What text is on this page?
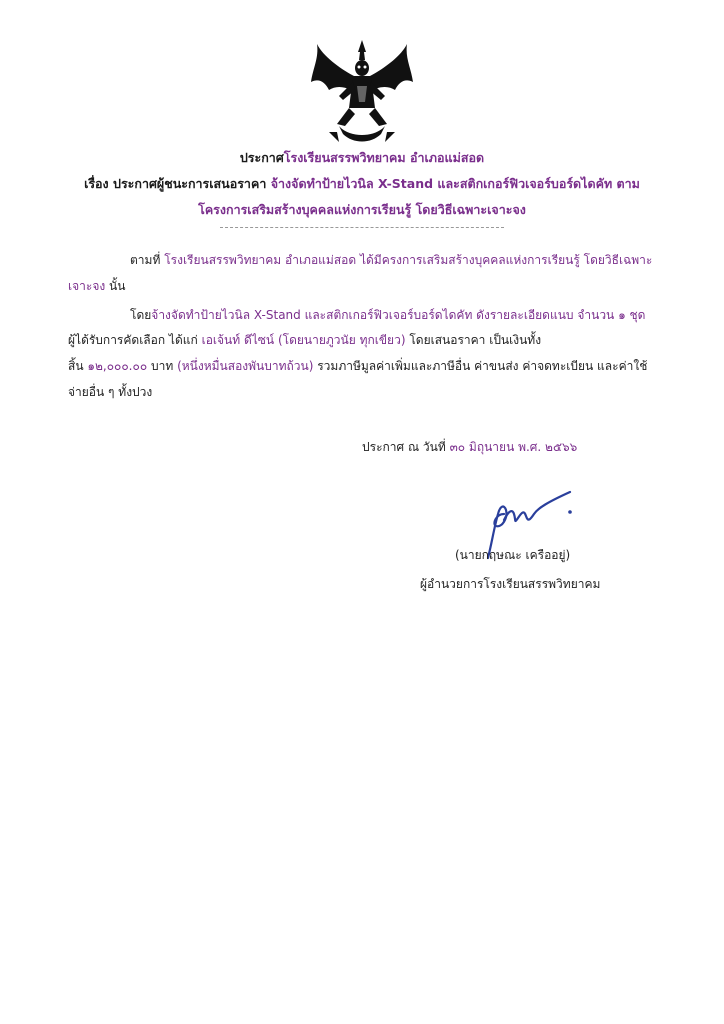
ประกาศโรงเรียนสรรพวิทยาคม อำเภอแม่สอด
เรื่อง ประกาศผู้ชนะการเสนอราคา จ้างจัดทำป้ายไวนิล X-Stand และสติกเกอร์ฟิวเจอร์บอร์ดไดคัท ตาม
โครงการเสริมสร้างบุคคลแห่งการเรียนรู้ โดยวิธีเฉพาะเจาะจง
ตามที่ โรงเรียนสรรพวิทยาคม อำเภอแม่สอด ได้มีครงการเสริมสร้างบุคคลแห่งการเรียนรู้ โดยวิธีเฉพาะ
เจาะจง นั้น
โดยจ้างจัดทำป้ายไวนิล X-Stand และสติกเกอร์ฟิวเจอร์บอร์ดไดคัท ดังรายละเอียดแนบ จำนวน ๑ ชุด
ผู้ได้รับการคัดเลือก ได้แก่ เอเจ้นท์ ดีไซน์ (โดยนายภูวนัย ทุกเขียว) โดยเสนอราคา เป็นเงินทั้ง
สิ้น ๑๒,๐๐๐.๐๐ บาท (หนึ่งหมื่นสองพันบาทถ้วน) รวมภาษีมูลค่าเพิ่มและภาษีอื่น ค่าขนส่ง ค่าจดทะเบียน และค่าใช้
จ่ายอื่น ๆ ทั้งปวง
ประกาศ ณ วันที่ ๓๐ มิถุนายน พ.ศ. ๒๕๖๖
(นายกฤษณะ เครืออยู่)
ผู้อำนวยการโรงเรียนสรรพวิทยาคม
